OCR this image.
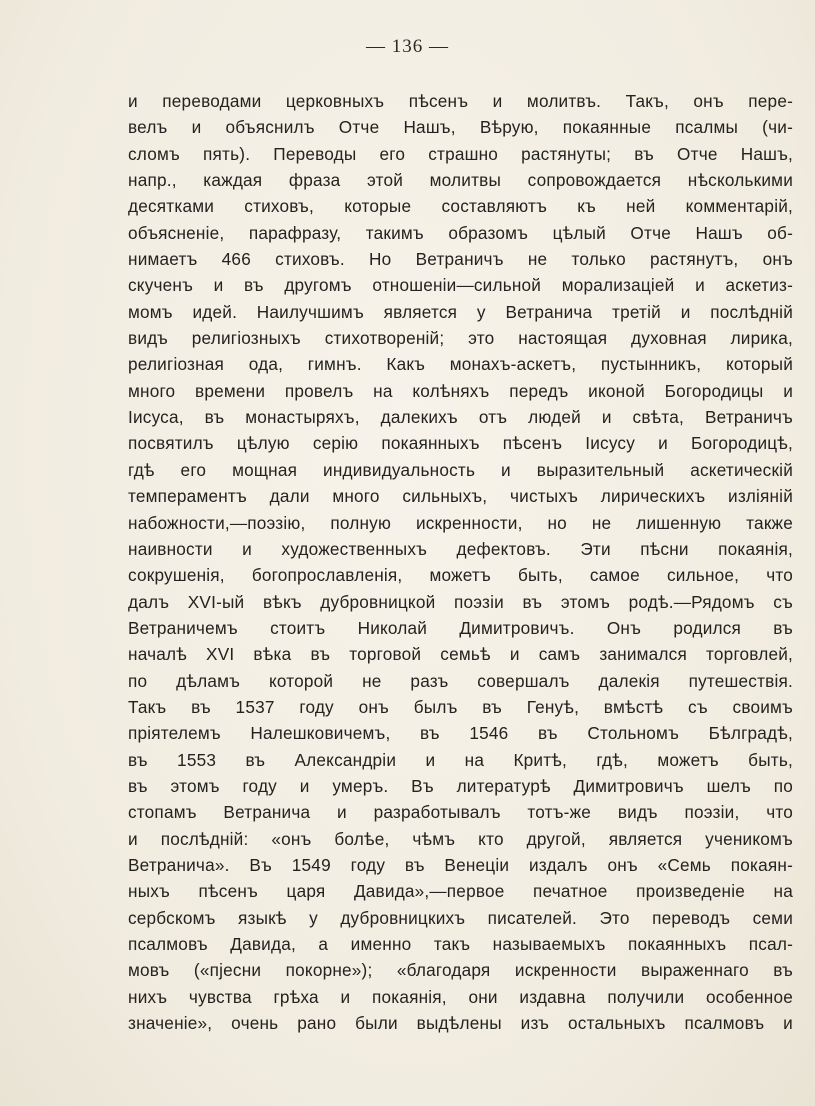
— 136 —
и переводами церковныхъ пѣсенъ и молитвъ. Такъ, онъ пере-
велъ и объяснилъ Отче Нашъ, Вѣрую, покаянные псалмы (чи-
сломъ пять). Переводы его страшно растянуты; въ Отче Нашъ,
напр., каждая фраза этой молитвы сопровождается нѣсколькими
десятками стиховъ, которые составляютъ къ ней комментарій,
объясненіе, парафразу, такимъ образомъ цѣлый Отче Нашъ об-
нимаетъ 466 стиховъ. Но Ветраничъ не только растянутъ, онъ
скученъ и въ другомъ отношеніи—сильной морализаціей и аскетиз-
момъ идей. Наилучшимъ является у Ветранича третій и послѣдній
видъ религіозныхъ стихотвореній; это настоящая духовная лирика,
религіозная ода, гимнъ. Какъ монахъ-аскетъ, пустынникъ, который
много времени провелъ на колѣняхъ передъ иконой Богородицы и
Іисуса, въ монастыряхъ, далекихъ отъ людей и свѣта, Ветраничъ
посвятилъ цѣлую серію покаянныхъ пѣсенъ Іисусу и Богородицѣ,
гдѣ его мощная индивидуальность и выразительный аскетическій
темпераментъ дали много сильныхъ, чистыхъ лирическихъ изліяній
набожности,—поэзію, полную искренности, но не лишенную также
наивности и художественныхъ дефектовъ. Эти пѣсни покаянія,
сокрушенія, богопрославленія, можетъ быть, самое сильное, что
далъ XVI-ый вѣкъ дубровницкой поэзіи въ этомъ родѣ.—Рядомъ съ
Ветраничемъ стоитъ Николай Димитровичъ. Онъ родился въ
началѣ XVI вѣка въ торговой семьѣ и самъ занимался торговлей,
по дѣламъ которой не разъ совершалъ далекія путешествія.
Такъ въ 1537 году онъ былъ въ Генуѣ, вмѣстѣ съ своимъ
пріятелемъ Налешковичемъ, въ 1546 въ Стольномъ Бѣлградѣ,
въ 1553 въ Александріи и на Критѣ, гдѣ, можетъ быть,
въ этомъ году и умеръ. Въ литературѣ Димитровичъ шелъ по
стопамъ Ветранича и разработывалъ тотъ-же видъ поэзіи, что
и послѣдній: «онъ болѣе, чѣмъ кто другой, является ученикомъ
Ветранича». Въ 1549 году въ Венеціи издалъ онъ «Семь покаян-
ныхъ пѣсенъ царя Давида»,—первое печатное произведеніе на
сербскомъ языкѣ у дубровницкихъ писателей. Это переводъ семи
псалмовъ Давида, а именно такъ называемыхъ покаянныхъ псал-
мовъ («пјесни покорне»); «благодаря искренности выраженнаго въ
нихъ чувства грѣха и покаянія, они издавна получили особенное
значеніе», очень рано были выдѣлены изъ остальныхъ псалмовъ и
